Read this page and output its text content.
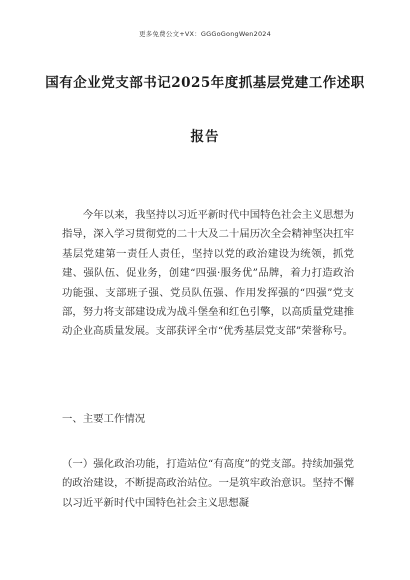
更多免费公文+VX：GGGoGongWen2024
国有企业党支部书记2025年度抓基层党建工作述职
报告
今年以来，我坚持以习近平新时代中国特色社会主义思想为指导，深入学习贯彻党的二十大及二十届历次全会精神坚决扛牢基层党建第一责任人责任，坚持以党的政治建设为统领，抓党建、强队伍、促业务，创建“四强·服务优”品牌，着力打造政治功能强、支部班子强、党员队伍强、作用发挥强的“四强”党支部，努力将支部建设成为战斗堡垒和红色引擎，以高质量党建推动企业高质量发展。支部获评全市“优秀基层党支部”荣誉称号。
一、主要工作情况
（一）强化政治功能，打造站位“有高度”的党支部。持续加强党的政治建设，不断提高政治站位。一是筑牢政治意识。坚持不懈以习近平新时代中国特色社会主义思想凝
